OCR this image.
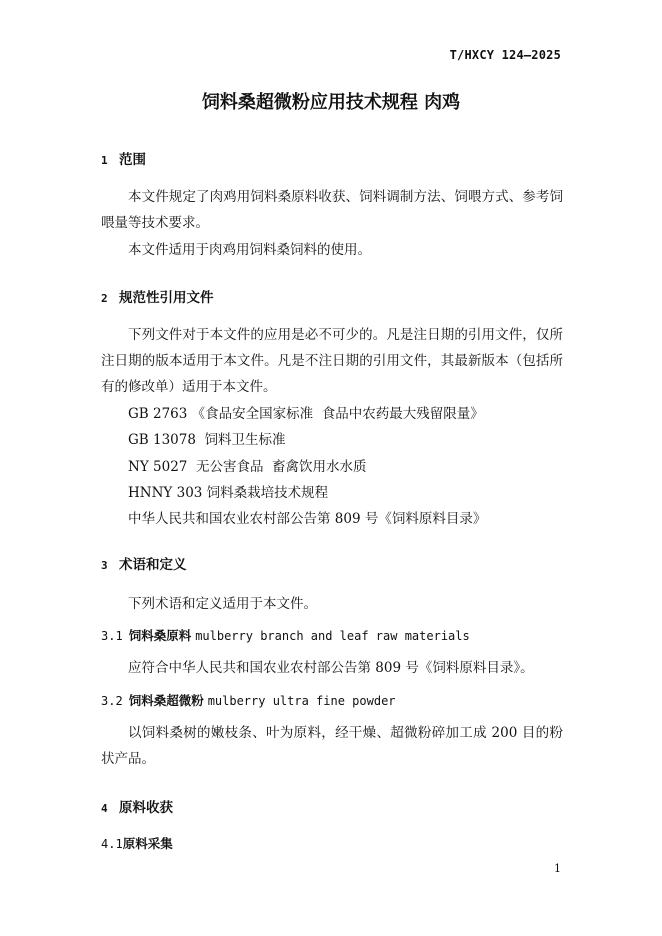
T/HXCY 124—2025
饲料桑超微粉应用技术规程 肉鸡
1 范围

本文件规定了肉鸡用饲料桑原料收获、饲料调制方法、饲喂方式、参考饲喂量等技术要求。

本文件适用于肉鸡用饲料桑饲料的使用。

2 规范性引用文件

下列文件对于本文件的应用是必不可少的。凡是注日期的引用文件，仅所注日期的版本适用于本文件。凡是不注日期的引用文件，其最新版本（包括所有的修改单）适用于本文件。

GB 2763 《食品安全国家标准  食品中农药最大残留限量》
GB 13078  饲料卫生标准
NY 5027  无公害食品  畜禽饮用水水质
HNNY 303 饲料桑栽培技术规程
中华人民共和国农业农村部公告第 809 号《饲料原料目录》
3 术语和定义

下列术语和定义适用于本文件。

3.1 饲料桑原料 mulberry branch and leaf raw materials

应符合中华人民共和国农业农村部公告第 809 号《饲料原料目录》。

3.2 饲料桑超微粉 mulberry ultra fine powder

以饲料桑树的嫩枝条、叶为原料，经干燥、超微粉碎加工成 200 目的粉状产品。

4 原料收获
4.1原料采集
1
